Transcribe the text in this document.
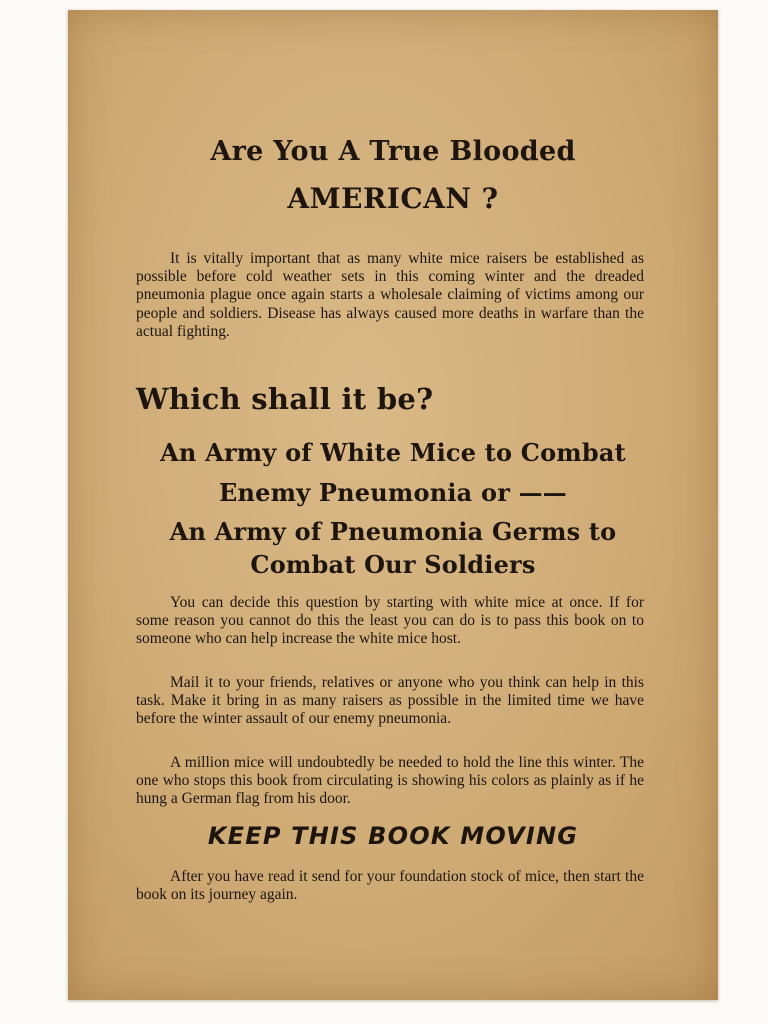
Are You A True Blooded
AMERICAN ?

It is vitally important that as many white mice raisers be established as possible before cold weather sets in this coming winter and the dreaded pneumonia plague once again starts a wholesale claiming of victims among our people and soldiers. Disease has always caused more deaths in warfare than the actual fighting.

Which shall it be?

An Army of White Mice to Combat

Enemy Pneumonia or ——

An Army of Pneumonia Germs to

Combat Our Soldiers

You can decide this question by starting with white mice at once. If for some reason you cannot do this the least you can do is to pass this book on to someone who can help increase the white mice host.

Mail it to your friends, relatives or anyone who you think can help in this task. Make it bring in as many raisers as possible in the limited time we have before the winter assault of our enemy pneumonia.

A million mice will undoubtedly be needed to hold the line this winter. The one who stops this book from circulating is showing his colors as plainly as if he hung a German flag from his door.

KEEP THIS BOOK MOVING

After you have read it send for your foundation stock of mice, then start the book on its journey again.
